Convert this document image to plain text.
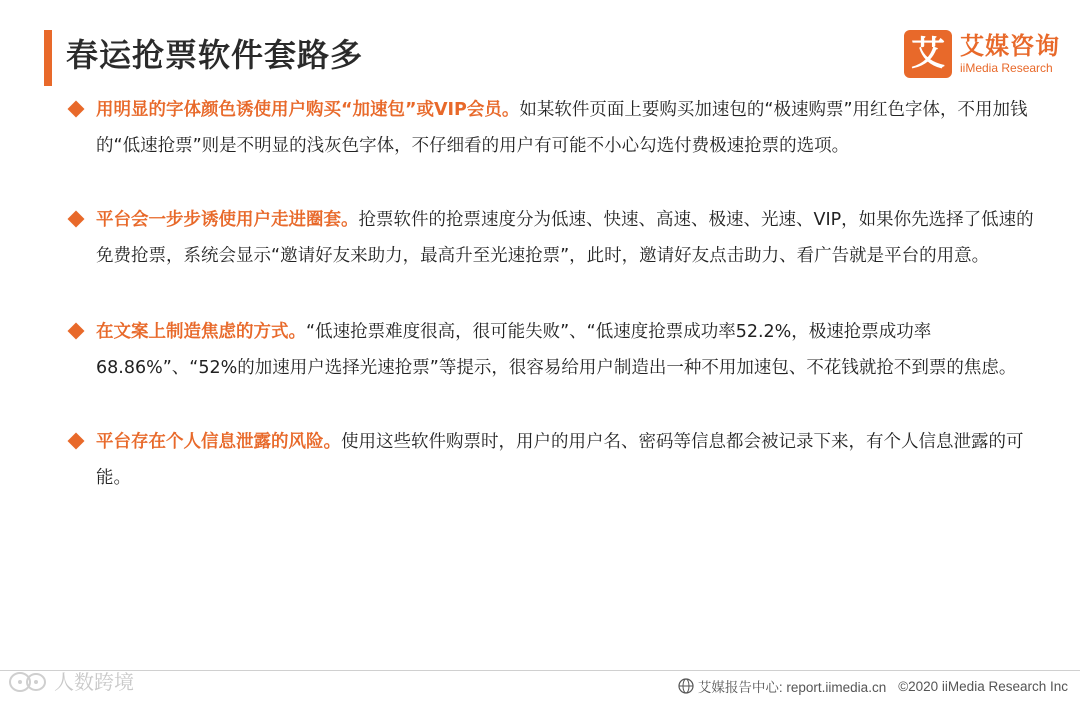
春运抢票软件套路多	艾 艾媒咨询
iiMedia Research
用明显的字体颜色诱使用户购买“加速包”或VIP会员。如某软件页面上要购买加速包的“极速购票”用红色字体，不用加钱的“低速抢票”则是不明显的浅灰色字体，不仔细看的用户有可能不小心勾选付费极速抢票的选项。
平台会一步步诱使用户走进圈套。抢票软件的抢票速度分为低速、快速、高速、极速、光速、VIP，如果你先选择了低速的免费抢票，系统会显示“邀请好友来助力，最高升至光速抢票”，此时，邀请好友点击助力、看广告就是平台的用意。
在文案上制造焦虑的方式。“低速抢票难度很高，很可能失败”、“低速度抢票成功率52.2%，极速抢票成功率68.86%”、“52%的加速用户选择光速抢票”等提示，很容易给用户制造出一种不用加速包、不花钱就抢不到票的焦虑。
平台存在个人信息泄露的风险。使用这些软件购票时，用户的用户名、密码等信息都会被记录下来，有个人信息泄露的可能。
人数跨境	艾媒报告中心: report.iimedia.cn ©2020 iiMedia Research Inc
